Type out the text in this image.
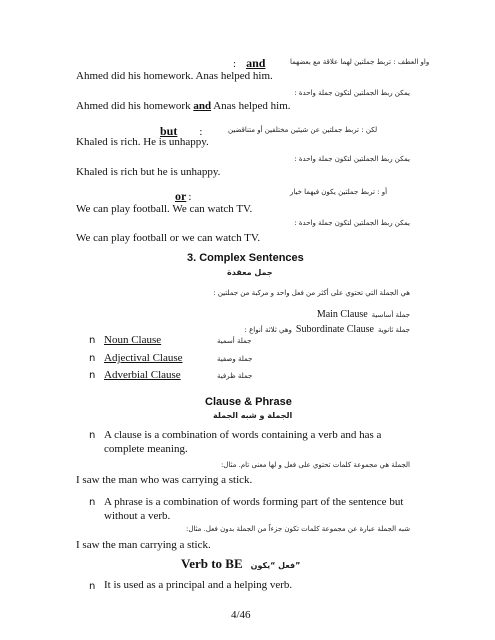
: and	واو العطف : تربط جملتين لهما علاقة مع بعضهما
Ahmed did his homework. Anas helped him.
يمكن ربط الجملتين لتكون جملة واحدة :
Ahmed did his homework and Anas helped him.
but :	لكن : تربط جملتين عن شيئين مختلفين أو متناقضين
Khaled is rich. He is unhappy.
يمكن ربط الجملتين لتكون جملة واحدة :
Khaled is rich but he is unhappy.
or :	أو : تربط جملتين يكون فيهما خيار
We can play football. We can watch TV.
يمكن ربط الجملتين لتكون جملة واحدة :
We can play football or we can watch TV.
3. Complex Sentences
جمل معقدة
هي الجملة التي تحتوي على أكثر من فعل واحد و مركبة من جملتين :
جملة أساسية Main Clause
جملة ثانوية Subordinate Clause وهي ثلاثة أنواع :
n Noun Clause	جملة أسمية
n Adjectival Clause	جملة وصفية
n Adverbial Clause	جملة ظرفية
Clause & Phrase
الجملة و شبه الجملة
n A clause is a combination of words containing a verb and has a complete meaning.
الجملة هي مجموعة كلمات تحتوي على فعل و لها معنى تام. مثال:
I saw the man who was carrying a stick.
n A phrase is a combination of words forming part of the sentence but without a verb.
شبه الجملة عبارة عن مجموعة كلمات تكون جزءاً من الجملة بدون فعل. مثال:
I saw the man carrying a stick.
Verb to BE فعل “يكون”
n It is used as a principal and a helping verb.
4/46
